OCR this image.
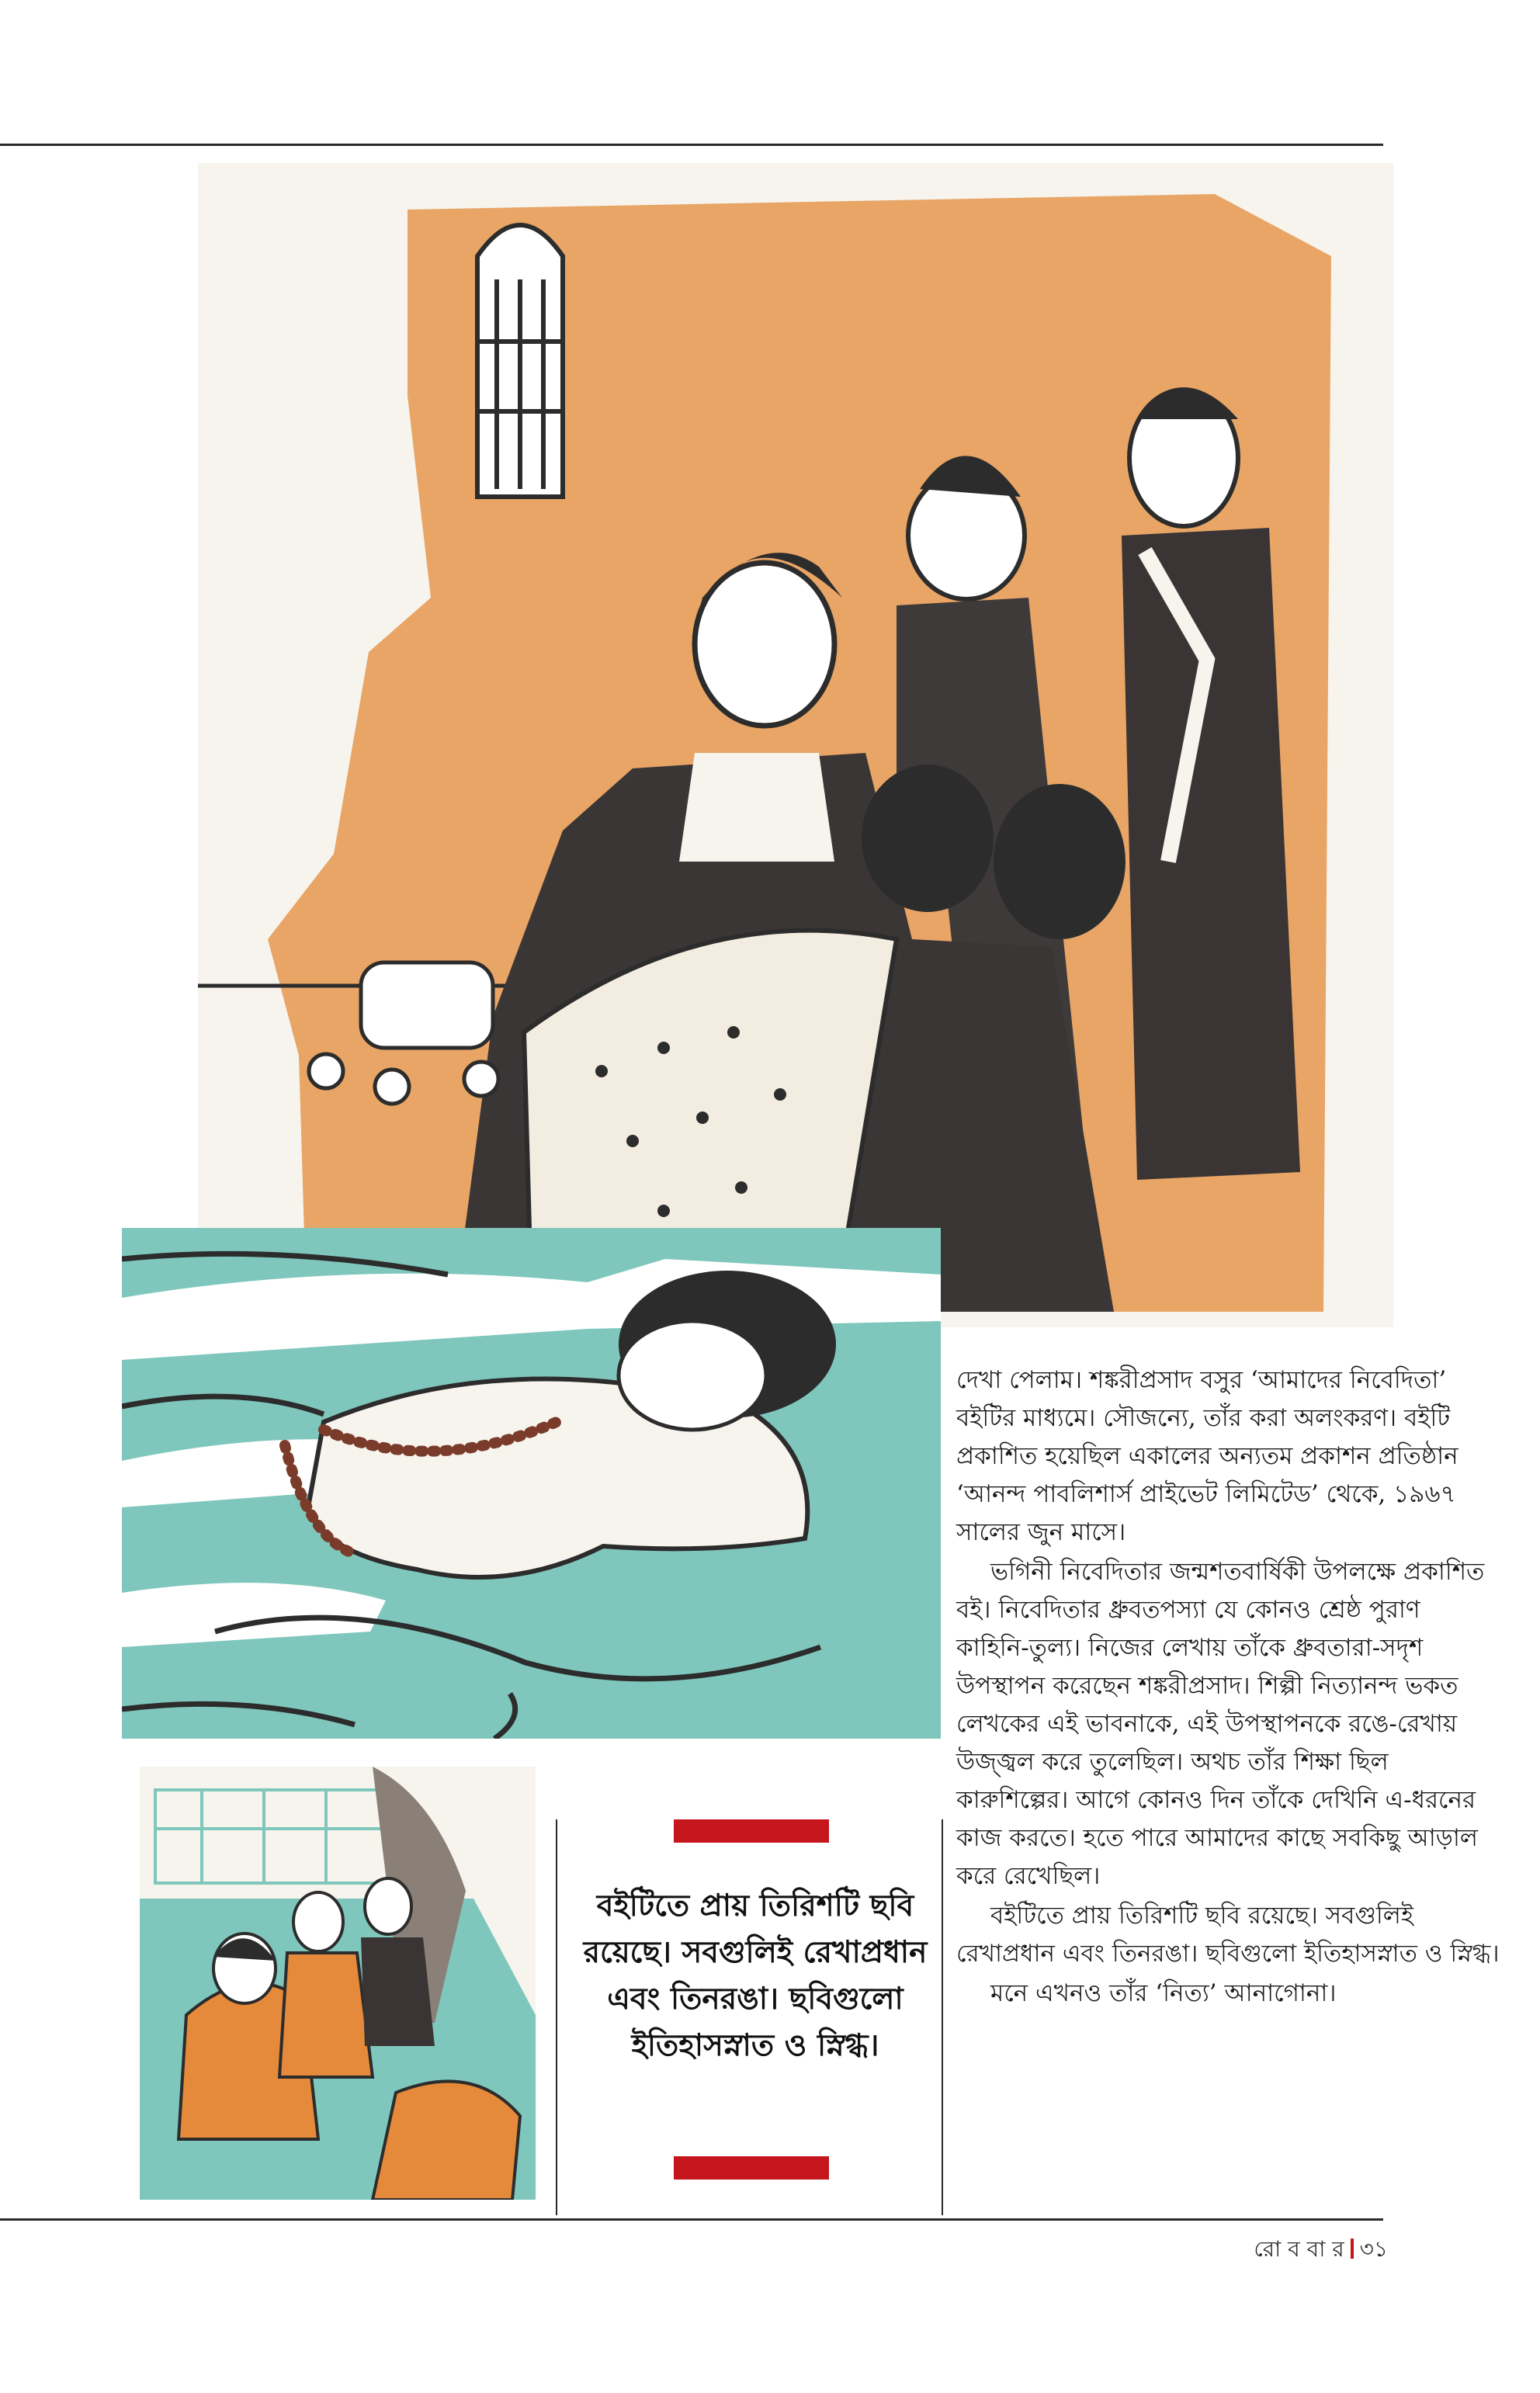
বইটিতে প্রায় তিরিশটি ছবি রয়েছে। সবগুলিই রেখাপ্রধান এবং তিনরঙা। ছবিগুলো ইতিহাসস্নাত ও স্নিগ্ধ।

দেখা পেলাম। শঙ্করীপ্রসাদ বসুর ‘আমাদের নিবেদিতা’ বইটির মাধ্যমে। সৌজন্যে, তাঁর করা অলংকরণ। বইটি প্রকাশিত হয়েছিল একালের অন্যতম প্রকাশন প্রতিষ্ঠান ‘আনন্দ পাবলিশার্স প্রাইভেট লিমিটেড’ থেকে, ১৯৬৭ সালের জুন মাসে।

ভগিনী নিবেদিতার জন্মশতবার্ষিকী উপলক্ষে প্রকাশিত বই। নিবেদিতার ধ্রুবতপস্যা যে কোনও শ্রেষ্ঠ পুরাণ কাহিনি-তুল্য। নিজের লেখায় তাঁকে ধ্রুবতারা-সদৃশ উপস্থাপন করেছেন শঙ্করীপ্রসাদ। শিল্পী নিত্যানন্দ ভকত লেখকের এই ভাবনাকে, এই উপস্থাপনকে রঙে-রেখায় উজ্জ্বল করে তুলেছিল। অথচ তাঁর শিক্ষা ছিল কারুশিল্পের। আগে কোনও দিন তাঁকে দেখিনি এ-ধরনের কাজ করতে। হতে পারে আমাদের কাছে সবকিছু আড়াল করে রেখেছিল।

বইটিতে প্রায় তিরিশটি ছবি রয়েছে। সবগুলিই রেখাপ্রধান এবং তিনরঙা। ছবিগুলো ইতিহাসস্নাত ও স্নিগ্ধ।

মনে এখনও তাঁর ‘নিত্য’ আনাগোনা।

রো ব বা র ৩১
